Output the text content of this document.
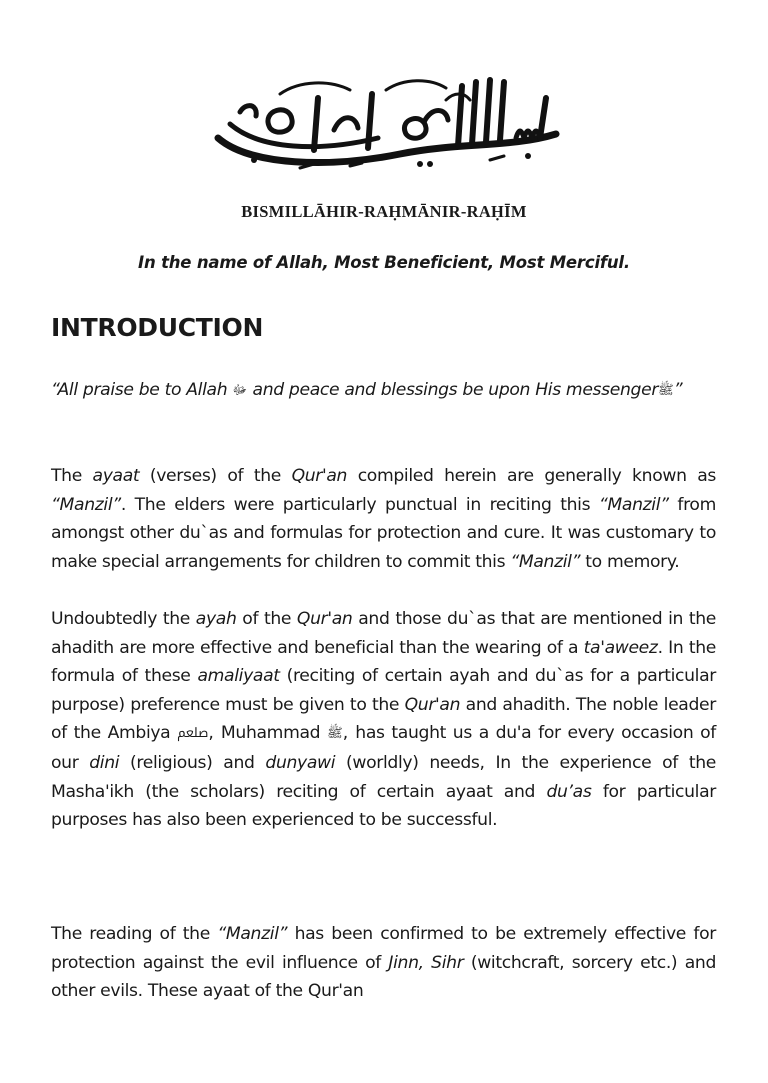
BISMILLĀHIR-RAḤMĀNIR-RAḤĪM
In the name of Allah, Most Beneficient, Most Merciful.
INTRODUCTION

“All praise be to Allah ﷻ and peace and blessings be upon His messengerﷺ”

The ayaat (verses) of the Qur'an compiled herein are generally known as “Manzil”. The elders were particularly punctual in reciting this “Manzil” from amongst other du`as and formulas for protection and cure. It was customary to make special arrangements for children to commit this “Manzil” to memory.

Undoubtedly the ayah of the Qur'an and those du`as that are mentioned in the ahadith are more effective and beneficial than the wearing of a ta'aweez. In the formula of these amaliyaat (reciting of certain ayah and du`as for a particular purpose) preference must be given to the Qur'an and ahadith. The noble leader of the Ambiya ﷵ, Muhammad ﷺ, has taught us a du'a for every occasion of our dini (religious) and dunyawi (worldly) needs, In the experience of the Masha'ikh (the scholars) reciting of certain ayaat and du’as for particular purposes has also been experienced to be successful.

The reading of the “Manzil” has been confirmed to be extremely effective for protection against the evil influence of Jinn, Sihr (witchcraft, sorcery etc.) and other evils. These ayaat of the Qur'an
